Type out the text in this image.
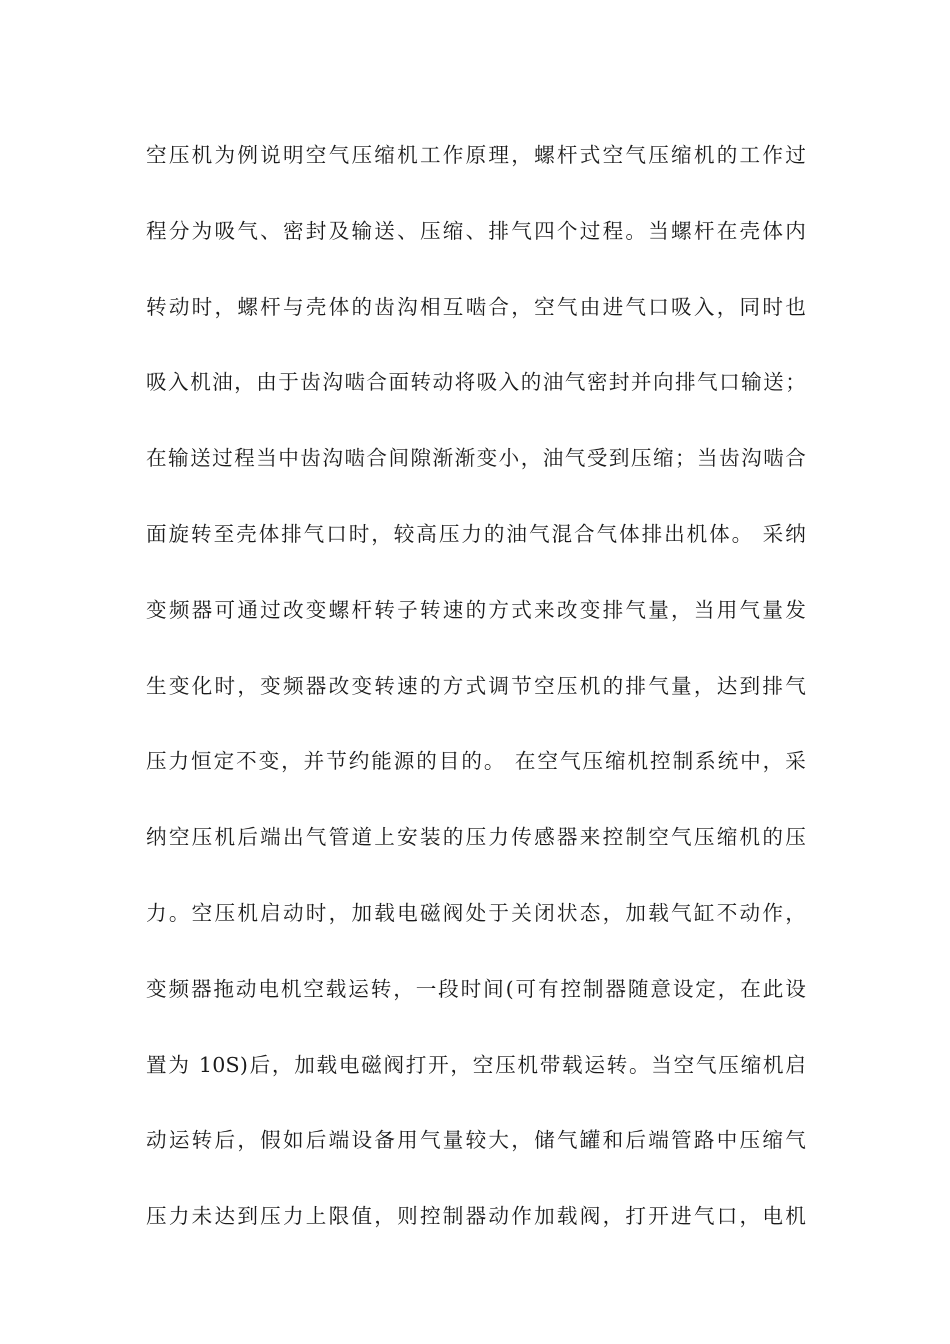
空压机为例说明空气压缩机工作原理，螺杆式空气压缩机的工作过
程分为吸气、密封及输送、压缩、排气四个过程。当螺杆在壳体内
转动时，螺杆与壳体的齿沟相互啮合，空气由进气口吸入，同时也
吸入机油，由于齿沟啮合面转动将吸入的油气密封并向排气口输送；
在输送过程当中齿沟啮合间隙渐渐变小，油气受到压缩；当齿沟啮合
面旋转至壳体排气口时，较高压力的油气混合气体排出机体。 采纳
变频器可通过改变螺杆转子转速的方式来改变排气量，当用气量发
生变化时，变频器改变转速的方式调节空压机的排气量，达到排气
压力恒定不变，并节约能源的目的。 在空气压缩机控制系统中，采
纳空压机后端出气管道上安装的压力传感器来控制空气压缩机的压
力。空压机启动时，加载电磁阀处于关闭状态，加载气缸不动作，
变频器拖动电机空载运转，一段时间(可有控制器随意设定，在此设
置为 10S)后，加载电磁阀打开，空压机带载运转。当空气压缩机启
动运转后，假如后端设备用气量较大，储气罐和后端管路中压缩气
压力未达到压力上限值，则控制器动作加载阀，打开进气口，电机
